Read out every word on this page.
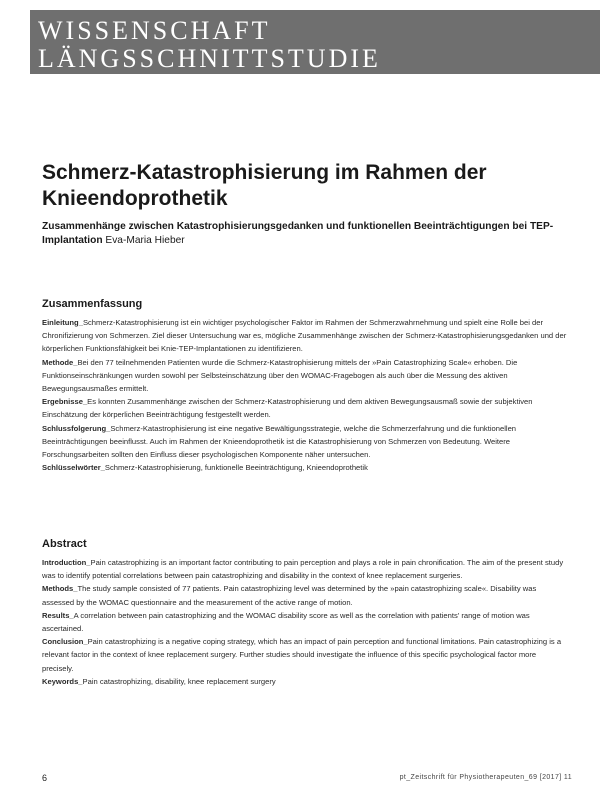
WISSENSCHAFT
LÄNGSSCHNITTSTUDIE
Schmerz-Katastrophisierung im Rahmen der Knieendoprothetik
Zusammenhänge zwischen Katastrophisierungsgedanken und funktionellen Beeinträchtigungen bei TEP-Implantation Eva-Maria Hieber
Zusammenfassung

Einleitung_Schmerz-Katastrophisierung ist ein wichtiger psychologischer Faktor im Rahmen der Schmerzwahrnehmung und spielt eine Rolle bei der Chronifizierung von Schmerzen. Ziel dieser Untersuchung war es, mögliche Zusammenhänge zwischen der Schmerz-Katastrophisierungsgedanken und der körperlichen Funktionsfähigkeit bei Knie-TEP-Implantationen zu identifizieren.

Methode_Bei den 77 teilnehmenden Patienten wurde die Schmerz-Katastrophisierung mittels der »Pain Catastrophizing Scale« erhoben. Die Funktionseinschränkungen wurden sowohl per Selbsteinschätzung über den WOMAC-Fragebogen als auch über die Messung des aktiven Bewegungsausmaßes ermittelt.

Ergebnisse_Es konnten Zusammenhänge zwischen der Schmerz-Katastrophisierung und dem aktiven Bewegungsausmaß sowie der subjektiven Einschätzung der körperlichen Beeinträchtigung festgestellt werden.

Schlussfolgerung_Schmerz-Katastrophisierung ist eine negative Bewältigungsstrategie, welche die Schmerzerfahrung und die funktionellen Beeinträchtigungen beeinflusst. Auch im Rahmen der Knieendoprothetik ist die Katastrophisierung von Schmerzen von Bedeutung. Weitere Forschungsarbeiten sollten den Einfluss dieser psychologischen Komponente näher untersuchen.

Schlüsselwörter_Schmerz-Katastrophisierung, funktionelle Beeinträchtigung, Knieendoprothetik

Abstract

Introduction_Pain catastrophizing is an important factor contributing to pain perception and plays a role in pain chronification. The aim of the present study was to identify potential correlations between pain catastrophizing and disability in the context of knee replacement surgeries.

Methods_The study sample consisted of 77 patients. Pain catastrophizing level was determined by the »pain catastrophizing scale«. Disability was assessed by the WOMAC questionnaire and the measurement of the active range of motion.

Results_A correlation between pain catastrophizing and the WOMAC disability score as well as the correlation with patients' range of motion was ascertained.

Conclusion_Pain catastrophizing is a negative coping strategy, which has an impact of pain perception and functional limitations. Pain catastrophizing is a relevant factor in the context of knee replacement surgery. Further studies should investigate the influence of this specific psychological factor more precisely.

Keywords_Pain catastrophizing, disability, knee replacement surgery

6	pt_Zeitschrift für Physiotherapeuten_69 [2017] 11
